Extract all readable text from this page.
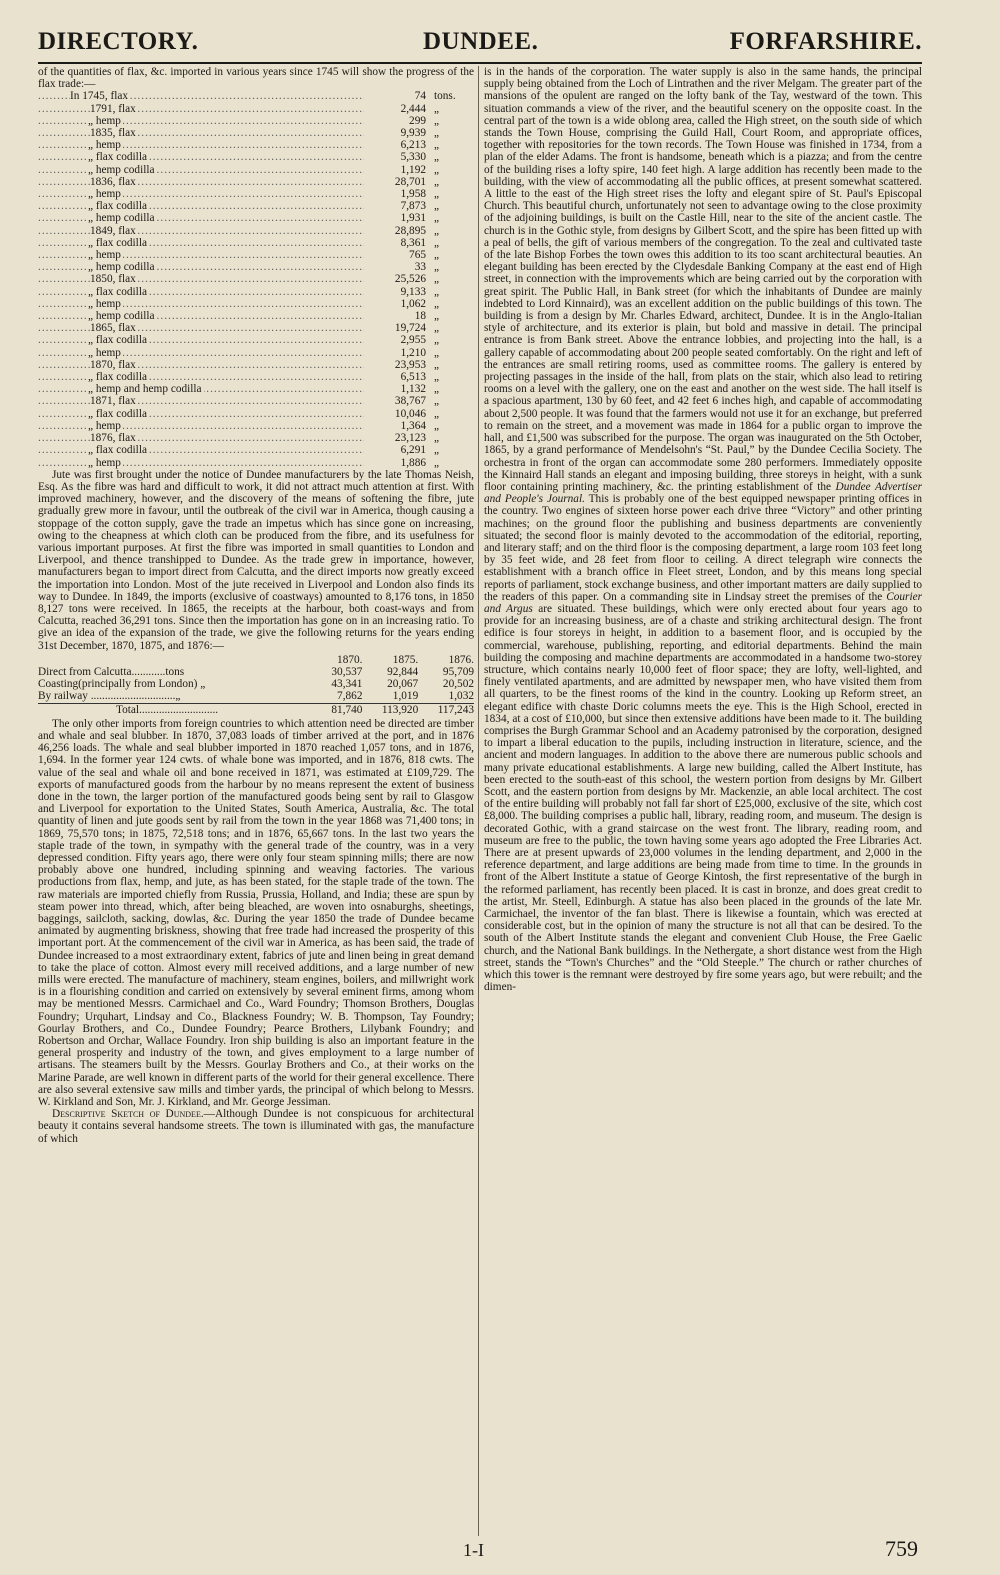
DIRECTORY.	DUNDEE.	FORFARSHIRE.

of the quantities of flax, &c. imported in various years since 1745 will show the progress of the flax trade:—

In 1745, flax .....	74	tons.
1791, flax .....	2,444	„
„ hemp .....	299	„
1835, flax .....	9,939	„
„ hemp .....	6,213	„
„ flax codilla .....	5,330	„
„ hemp codilla .....	1,192	„
1836, flax .....	28,701	„
„ hemp .....	1,958	„
„ flax codilla .....	7,873	„
„ hemp codilla .....	1,931	„
1849, flax .....	28,895	„
„ flax codilla .....	8,361	„
„ hemp .....	765	„
„ hemp codilla .....	33	„
1850, flax .....	25,526	„
„ flax codilla .....	9,133	„
„ hemp .....	1,062	„
„ hemp codilla .....	18	„
1865, flax .....	19,724	„
„ flax codilla .....	2,955	„
„ hemp .....	1,210	„
1870, flax .....	23,953	„
„ flax codilla .....	6,513	„
„ hemp and hemp codilla .....	1,132	„
1871, flax .....	38,767	„
„ flax codilla .....	10,046	„
„ hemp .....	1,364	„
1876, flax .....	23,123	„
„ flax codilla .....	6,291	„
„ hemp .....	1,886	„

Jute was first brought under the notice of Dundee manufacturers by the late Thomas Neish, Esq. As the fibre was hard and difficult to work, it did not attract much attention at first. With improved machinery, however, and the discovery of the means of softening the fibre, jute gradually grew more in favour, until the outbreak of the civil war in America, though causing a stoppage of the cotton supply, gave the trade an impetus which has since gone on increasing, owing to the cheapness at which cloth can be produced from the fibre, and its usefulness for various important purposes. At first the fibre was imported in small quantities to London and Liverpool, and thence transhipped to Dundee. As the trade grew in importance, however, manufacturers began to import direct from Calcutta, and the direct imports now greatly exceed the importation into London. Most of the jute received in Liverpool and London also finds its way to Dundee. In 1849, the imports (exclusive of coastways) amounted to 8,176 tons, in 1850 8,127 tons were received. In 1865, the receipts at the harbour, both coast-ways and from Calcutta, reached 36,291 tons. Since then the importation has gone on in an increasing ratio. To give an idea of the expansion of the trade, we give the following returns for the years ending 31st December, 1870, 1875, and 1876:—

	1870.	1875.	1876.
Direct from Calcutta............tons	30,537	92,844	95,709
Coasting(principally from London) „	43,341	20,067	20,502
By railway ..............................„	7,862	1,019	1,032
Total............................	81,740	113,920	117,243

The only other imports from foreign countries to which attention need be directed are timber and whale and seal blubber. In 1870, 37,083 loads of timber arrived at the port, and in 1876 46,256 loads. The whale and seal blubber imported in 1870 reached 1,057 tons, and in 1876, 1,694. In the former year 124 cwts. of whale bone was imported, and in 1876, 818 cwts. The value of the seal and whale oil and bone received in 1871, was estimated at £109,729. The exports of manufactured goods from the harbour by no means represent the extent of business done in the town, the larger portion of the manufactured goods being sent by rail to Glasgow and Liverpool for exportation to the United States, South America, Australia, &c. The total quantity of linen and jute goods sent by rail from the town in the year 1868 was 71,400 tons; in 1869, 75,570 tons; in 1875, 72,518 tons; and in 1876, 65,667 tons. In the last two years the staple trade of the town, in sympathy with the general trade of the country, was in a very depressed condition. Fifty years ago, there were only four steam spinning mills; there are now probably above one hundred, including spinning and weaving factories. The various productions from flax, hemp, and jute, as has been stated, for the staple trade of the town. The raw materials are imported chiefly from Russia, Prussia, Holland, and India; these are spun by steam power into thread, which, after being bleached, are woven into osnaburghs, sheetings, baggings, sailcloth, sacking, dowlas, &c. During the year 1850 the trade of Dundee became animated by augmenting briskness, showing that free trade had increased the prosperity of this important port. At the commencement of the civil war in America, as has been said, the trade of Dundee increased to a most extraordinary extent, fabrics of jute and linen being in great demand to take the place of cotton. Almost every mill received additions, and a large number of new mills were erected. The manufacture of machinery, steam engines, boilers, and millwright work is in a flourishing condition and carried on extensively by several eminent firms, among whom may be mentioned Messrs. Carmichael and Co., Ward Foundry; Thomson Brothers, Douglas Foundry; Urquhart, Lindsay and Co., Blackness Foundry; W. B. Thompson, Tay Foundry; Gourlay Brothers, and Co., Dundee Foundry; Pearce Brothers, Lilybank Foundry; and Robertson and Orchar, Wallace Foundry. Iron ship building is also an important feature in the general prosperity and industry of the town, and gives employment to a large number of artisans. The steamers built by the Messrs. Gourlay Brothers and Co., at their works on the Marine Parade, are well known in different parts of the world for their general excellence. There are also several extensive saw mills and timber yards, the principal of which belong to Messrs. W. Kirkland and Son, Mr. J. Kirkland, and Mr. George Jessiman.

Descriptive Sketch of Dundee.—Although Dundee is not conspicuous for architectural beauty it contains several handsome streets. The town is illuminated with gas, the manufacture of which

is in the hands of the corporation. The water supply is also in the same hands, the principal supply being obtained from the Loch of Lintrathen and the river Melgam. The greater part of the mansions of the opulent are ranged on the lofty bank of the Tay, westward of the town. This situation commands a view of the river, and the beautiful scenery on the opposite coast. In the central part of the town is a wide oblong area, called the High street, on the south side of which stands the Town House, comprising the Guild Hall, Court Room, and appropriate offices, together with repositories for the town records. The Town House was finished in 1734, from a plan of the elder Adams. The front is handsome, beneath which is a piazza; and from the centre of the building rises a lofty spire, 140 feet high. A large addition has recently been made to the building, with the view of accommodating all the public offices, at present somewhat scattered. A little to the east of the High street rises the lofty and elegant spire of St. Paul's Episcopal Church. This beautiful church, unfortunately not seen to advantage owing to the close proximity of the adjoining buildings, is built on the Castle Hill, near to the site of the ancient castle. The church is in the Gothic style, from designs by Gilbert Scott, and the spire has been fitted up with a peal of bells, the gift of various members of the congregation. To the zeal and cultivated taste of the late Bishop Forbes the town owes this addition to its too scant architectural beauties. An elegant building has been erected by the Clydesdale Banking Company at the east end of High street, in connection with the improvements which are being carried out by the corporation with great spirit. The Public Hall, in Bank street (for which the inhabitants of Dundee are mainly indebted to Lord Kinnaird), was an excellent addition on the public buildings of this town. The building is from a design by Mr. Charles Edward, architect, Dundee. It is in the Anglo-Italian style of architecture, and its exterior is plain, but bold and massive in detail. The principal entrance is from Bank street. Above the entrance lobbies, and projecting into the hall, is a gallery capable of accommodating about 200 people seated comfortably. On the right and left of the entrances are small retiring rooms, used as committee rooms. The gallery is entered by projecting passages in the inside of the hall, from plats on the stair, which also lead to retiring rooms on a level with the gallery, one on the east and another on the west side. The hall itself is a spacious apartment, 130 by 60 feet, and 42 feet 6 inches high, and capable of accommodating about 2,500 people. It was found that the farmers would not use it for an exchange, but preferred to remain on the street, and a movement was made in 1864 for a public organ to improve the hall, and £1,500 was subscribed for the purpose. The organ was inaugurated on the 5th October, 1865, by a grand performance of Mendelsohn's “St. Paul,” by the Dundee Cecilia Society. The orchestra in front of the organ can accommodate some 280 performers. Immediately opposite the Kinnaird Hall stands an elegant and imposing building, three storeys in height, with a sunk floor containing printing machinery, &c. the printing establishment of the Dundee Advertiser and People's Journal. This is probably one of the best equipped newspaper printing offices in the country. Two engines of sixteen horse power each drive three “Victory” and other printing machines; on the ground floor the publishing and business departments are conveniently situated; the second floor is mainly devoted to the accommodation of the editorial, reporting, and literary staff; and on the third floor is the composing department, a large room 103 feet long by 35 feet wide, and 28 feet from floor to ceiling. A direct telegraph wire connects the establishment with a branch office in Fleet street, London, and by this means long special reports of parliament, stock exchange business, and other important matters are daily supplied to the readers of this paper. On a commanding site in Lindsay street the premises of the Courier and Argus are situated. These buildings, which were only erected about four years ago to provide for an increasing business, are of a chaste and striking architectural design. The front edifice is four storeys in height, in addition to a basement floor, and is occupied by the commercial, warehouse, publishing, reporting, and editorial departments. Behind the main building the composing and machine departments are accommodated in a handsome two-storey structure, which contains nearly 10,000 feet of floor space; they are lofty, well-lighted, and finely ventilated apartments, and are admitted by newspaper men, who have visited them from all quarters, to be the finest rooms of the kind in the country. Looking up Reform street, an elegant edifice with chaste Doric columns meets the eye. This is the High School, erected in 1834, at a cost of £10,000, but since then extensive additions have been made to it. The building comprises the Burgh Grammar School and an Academy patronised by the corporation, designed to impart a liberal education to the pupils, including instruction in literature, science, and the ancient and modern languages. In addition to the above there are numerous public schools and many private educational establishments. A large new building, called the Albert Institute, has been erected to the south-east of this school, the western portion from designs by Mr. Gilbert Scott, and the eastern portion from designs by Mr. Mackenzie, an able local architect. The cost of the entire building will probably not fall far short of £25,000, exclusive of the site, which cost £8,000. The building comprises a public hall, library, reading room, and museum. The design is decorated Gothic, with a grand staircase on the west front. The library, reading room, and museum are free to the public, the town having some years ago adopted the Free Libraries Act. There are at present upwards of 23,000 volumes in the lending department, and 2,000 in the reference department, and large additions are being made from time to time. In the grounds in front of the Albert Institute a statue of George Kintosh, the first representative of the burgh in the reformed parliament, has recently been placed. It is cast in bronze, and does great credit to the artist, Mr. Steell, Edinburgh. A statue has also been placed in the grounds of the late Mr. Carmichael, the inventor of the fan blast. There is likewise a fountain, which was erected at considerable cost, but in the opinion of many the structure is not all that can be desired. To the south of the Albert Institute stands the elegant and convenient Club House, the Free Gaelic church, and the National Bank buildings. In the Nethergate, a short distance west from the High street, stands the “Town's Churches” and the “Old Steeple.” The church or rather churches of which this tower is the remnant were destroyed by fire some years ago, but were rebuilt; and the dimen-

1-I	759
